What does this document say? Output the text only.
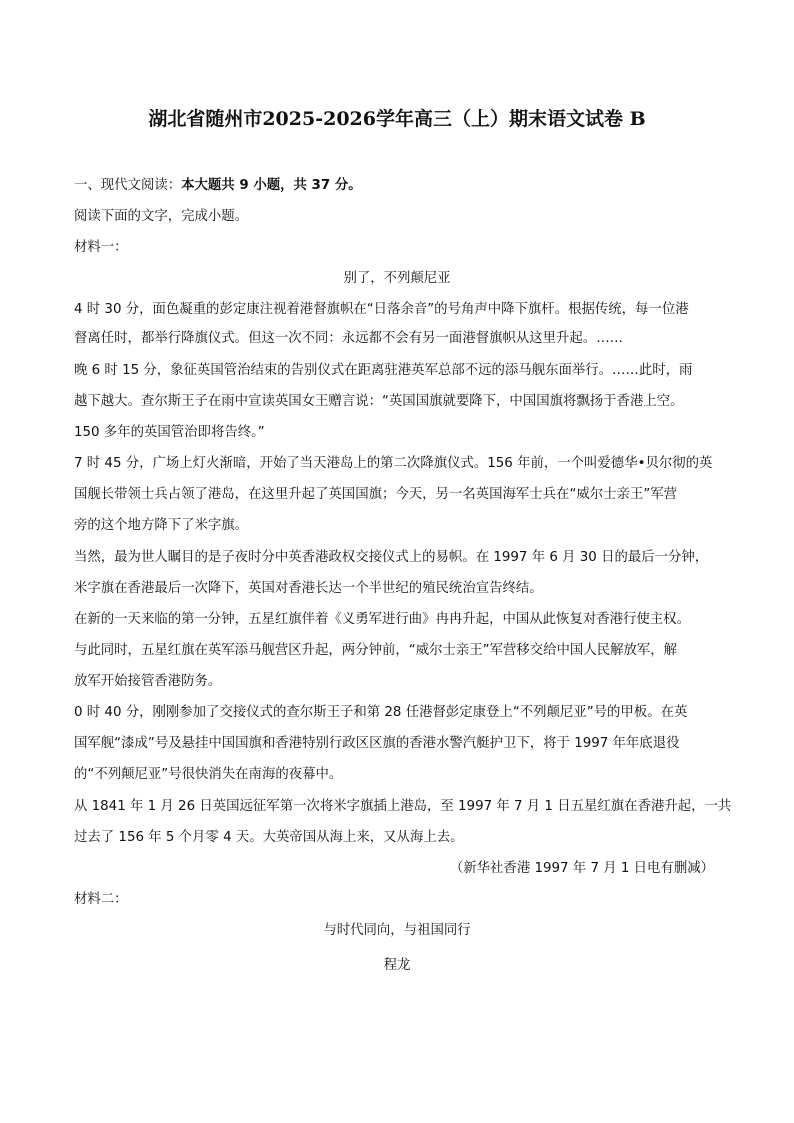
湖北省随州市2025-2026学年高三（上）期末语文试卷 B
一、现代文阅读：本大题共 9 小题，共 37 分。
阅读下面的文字，完成小题。
材料一：
别了，不列颠尼亚
4 时 30 分，面色凝重的彭定康注视着港督旗帜在“日落余音”的号角声中降下旗杆。根据传统，每一位港
督离任时，都举行降旗仪式。但这一次不同：永远都不会有另一面港督旗帜从这里升起。……
晚 6 时 15 分，象征英国管治结束的告别仪式在距离驻港英军总部不远的添马舰东面举行。……此时，雨
越下越大。查尔斯王子在雨中宣读英国女王赠言说：“英国国旗就要降下，中国国旗将飘扬于香港上空。
150 多年的英国管治即将告终。”
7 时 45 分，广场上灯火渐暗，开始了当天港岛上的第二次降旗仪式。156 年前，一个叫爱德华•贝尔彻的英
国舰长带领士兵占领了港岛，在这里升起了英国国旗；今天，另一名英国海军士兵在“威尔士亲王”军营
旁的这个地方降下了米字旗。
当然，最为世人瞩目的是子夜时分中英香港政权交接仪式上的易帜。在 1997 年 6 月 30 日的最后一分钟，
米字旗在香港最后一次降下，英国对香港长达一个半世纪的殖民统治宣告终结。
在新的一天来临的第一分钟，五星红旗伴着《义勇军进行曲》冉冉升起，中国从此恢复对香港行使主权。
与此同时，五星红旗在英军添马舰营区升起，两分钟前，“威尔士亲王”军营移交给中国人民解放军，解
放军开始接管香港防务。
0 时 40 分，刚刚参加了交接仪式的查尔斯王子和第 28 任港督彭定康登上“不列颠尼亚”号的甲板。在英
国军舰“漆成”号及悬挂中国国旗和香港特别行政区区旗的香港水警汽艇护卫下，将于 1997 年年底退役
的“不列颠尼亚”号很快消失在南海的夜幕中。
从 1841 年 1 月 26 日英国远征军第一次将米字旗插上港岛，至 1997 年 7 月 1 日五星红旗在香港升起，一共
过去了 156 年 5 个月零 4 天。大英帝国从海上来，又从海上去。
（新华社香港 1997 年 7 月 1 日电有删减）
材料二：
与时代同向，与祖国同行
程龙
